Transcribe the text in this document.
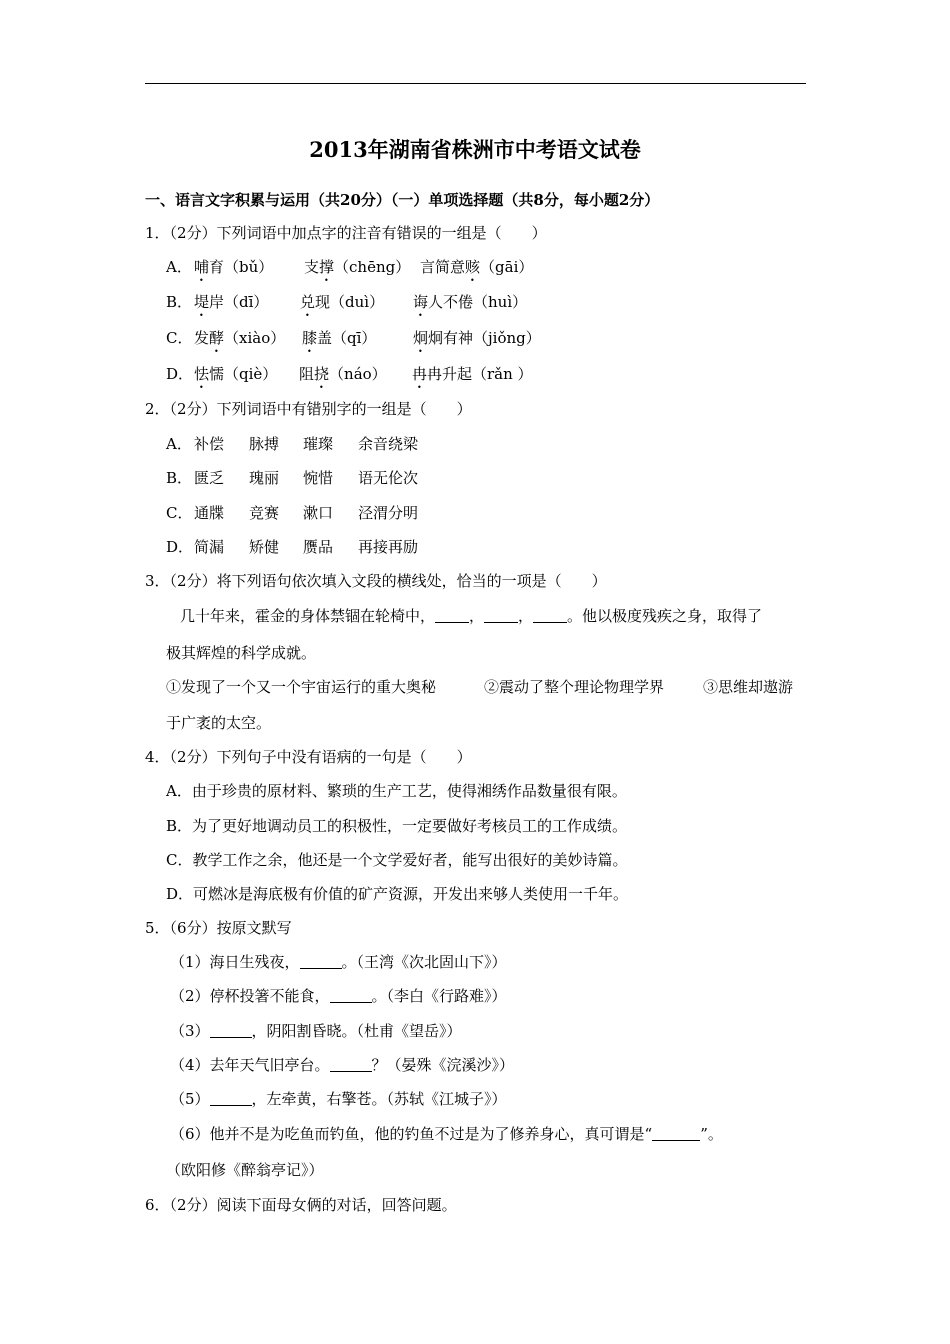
2013年湖南省株洲市中考语文试卷
一、语言文字积累与运用（共20分）（一）单项选择题（共8分，每小题2分）
1．（2分）下列词语中加点字的注音有错误的一组是（　　）
A． 哺育（bǔ） 支撑（chēng） 言简意赅（gāi）
B． 堤岸（dī） 兑现（duì） 诲人不倦（huì）
C． 发酵（xiào） 膝盖（qī） 炯炯有神（jiǒng）
D． 怯懦（qiè） 阻挠（náo） 冉冉升起（rǎn ）
2．（2分）下列词语中有错别字的一组是（　　）
A． 补偿 脉搏 璀璨 余音绕梁
B． 匮乏 瑰丽 惋惜 语无伦次
C． 通牒 竞赛 漱口 泾渭分明
D． 简漏 矫健 赝品 再接再励
3．（2分）将下列语句依次填入文段的横线处，恰当的一项是（　　）
几十年来，霍金的身体禁锢在轮椅中， ， ， 。他以极度残疾之身，取得了
极其辉煌的科学成就。
①发现了一个又一个宇宙运行的重大奥秘	②震动了整个理论物理学界	③思维却遨游
于广袤的太空。
4．（2分）下列句子中没有语病的一句是（　　）
A．由于珍贵的原材料、繁琐的生产工艺，使得湘绣作品数量很有限。
B．为了更好地调动员工的积极性，一定要做好考核员工的工作成绩。
C．教学工作之余，他还是一个文学爱好者，能写出很好的美妙诗篇。
D．可燃冰是海底极有价值的矿产资源，开发出来够人类使用一千年。
5．（6分）按原文默写
（1）海日生残夜，	。（王湾《次北固山下》）
（2）停杯投箸不能食，	。（李白《行路难》）
（3）	，阴阳割昏晓。（杜甫《望岳》）
（4）去年天气旧亭台。	？（晏殊《浣溪沙》）
（5）	，左牵黄，右擎苍。（苏轼《江城子》）
（6）他并不是为吃鱼而钓鱼，他的钓鱼不过是为了修养身心，真可谓是“	”。
（欧阳修《醉翁亭记》）
6．（2分）阅读下面母女俩的对话，回答问题。
